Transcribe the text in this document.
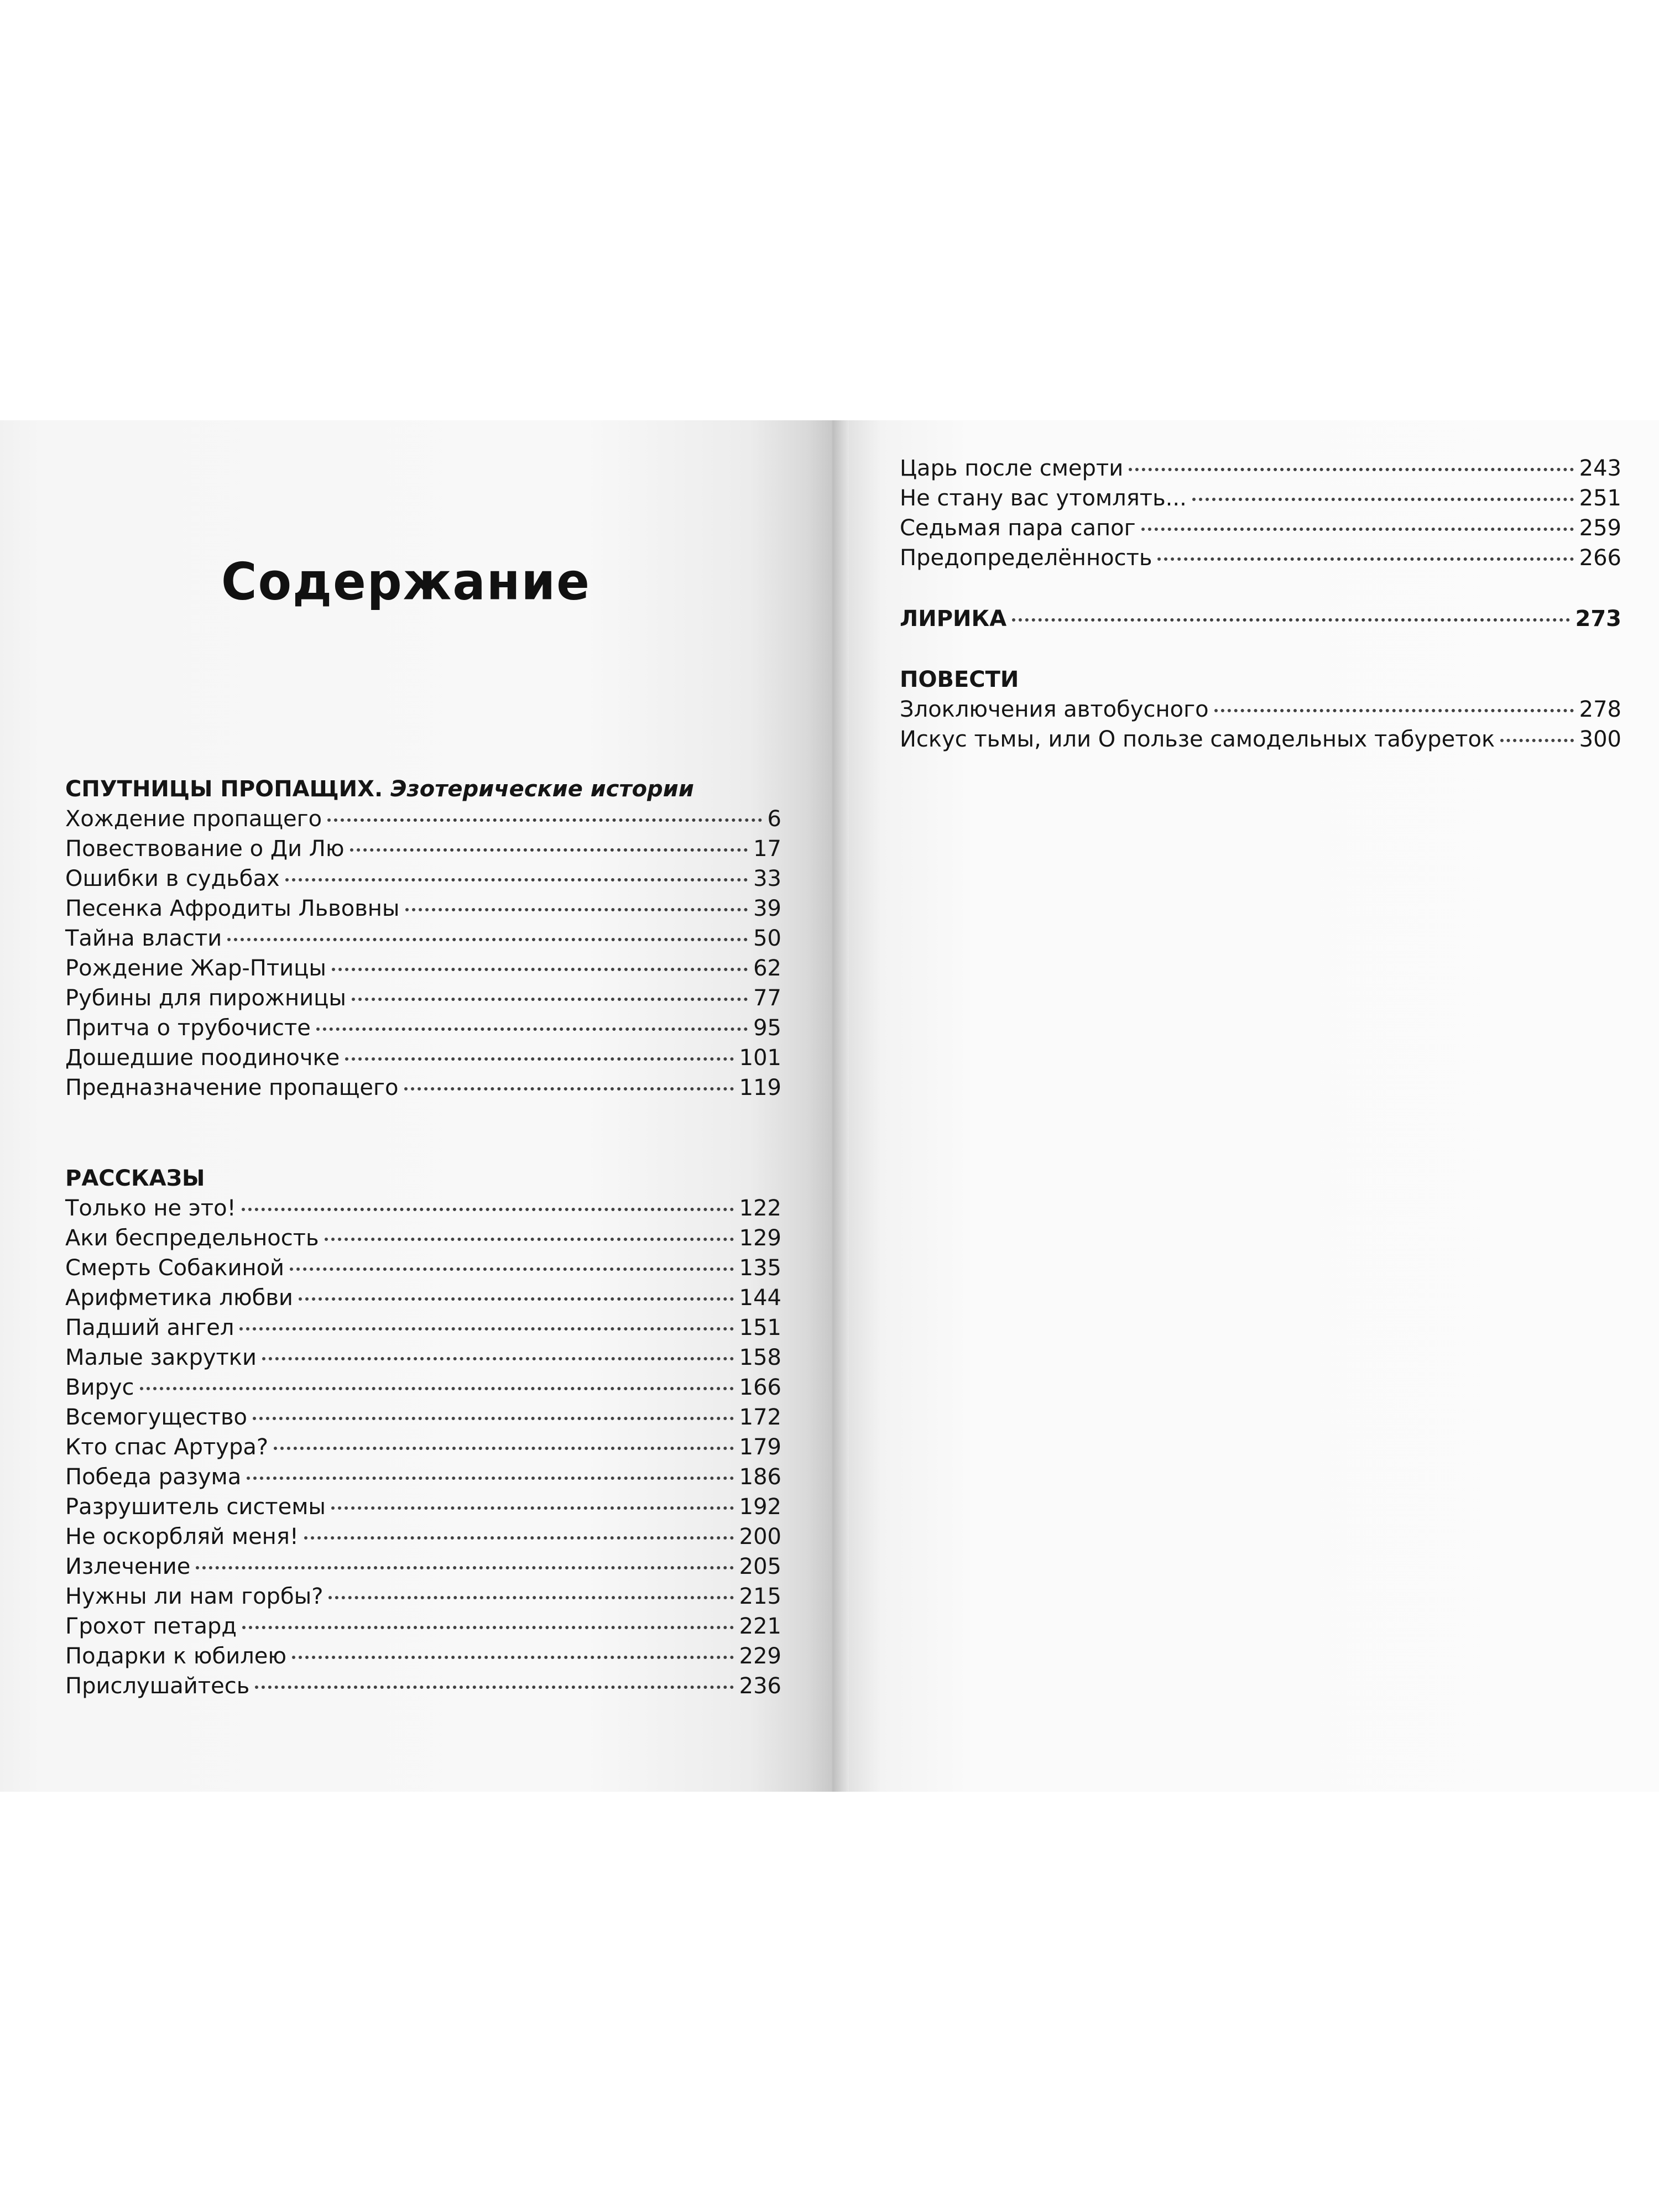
Содержание
СПУТНИЦЫ ПРОПАЩИХ. Эзотерические истории
Хождение пропащего	6
Повествование о Ди Лю	17
Ошибки в судьбах	33
Песенка Афродиты Львовны	39
Тайна власти	50
Рождение Жар-Птицы	62
Рубины для пирожницы	77
Притча о трубочисте	95
Дошедшие поодиночке	101
Предназначение пропащего	119
РАССКАЗЫ
Только не это!	122
Аки беспредельность	129
Смерть Собакиной	135
Арифметика любви	144
Падший ангел	151
Малые закрутки	158
Вирус	166
Всемогущество	172
Кто спас Артура?	179
Победа разума	186
Разрушитель системы	192
Не оскорбляй меня!	200
Излечение	205
Нужны ли нам горбы?	215
Грохот петард	221
Подарки к юбилею	229
Прислушайтесь	236
Царь после смерти	243
Не стану вас утомлять...	251
Седьмая пара сапог	259
Предопределённость	266
ЛИРИКА	273
ПОВЕСТИ
Злоключения автобусного	278
Искус тьмы, или О пользе самодельных табуреток	300
